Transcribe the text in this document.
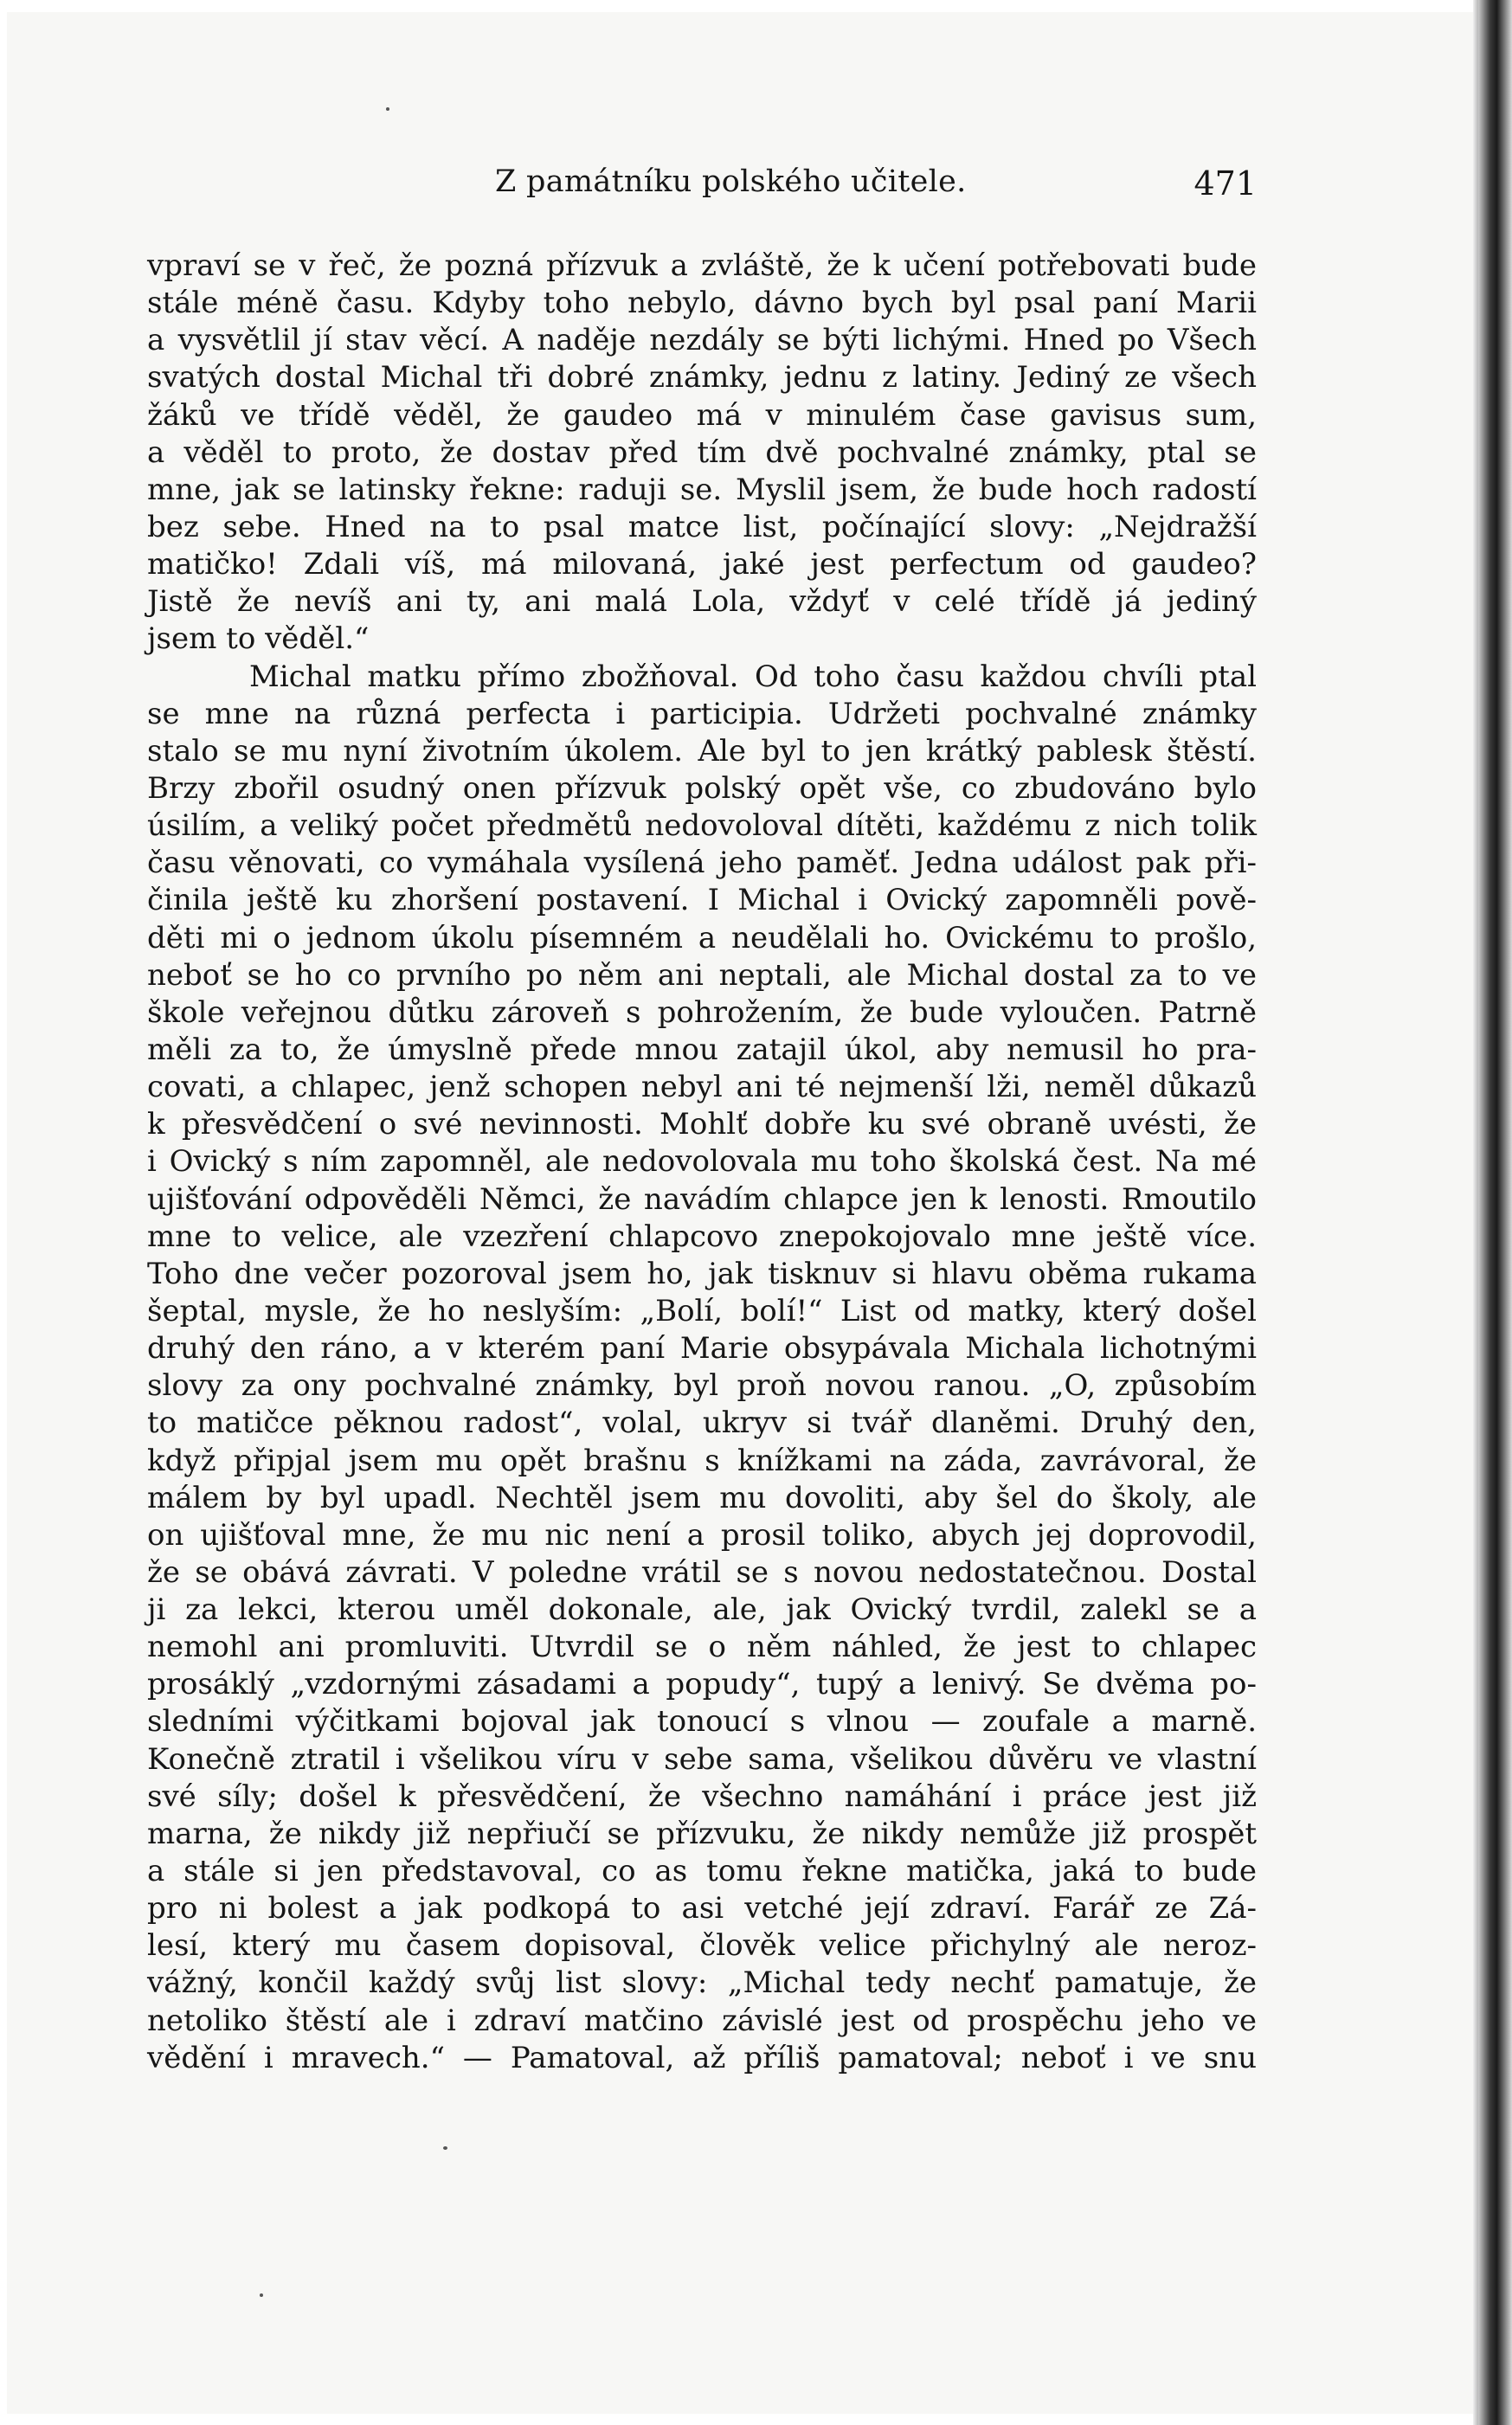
Z památníku polského učitele.	471
vpraví se v řeč, že pozná přízvuk a zvláště, že k učení potřebovati bude
stále méně času. Kdyby toho nebylo, dávno bych byl psal paní Marii
a vysvětlil jí stav věcí. A naděje nezdály se býti lichými. Hned po Všech
svatých dostal Michal tři dobré známky, jednu z latiny. Jediný ze všech
žáků ve třídě věděl, že gaudeo má v minulém čase gavisus sum,
a věděl to proto, že dostav před tím dvě pochvalné známky, ptal se
mne, jak se latinsky řekne: raduji se. Myslil jsem, že bude hoch radostí
bez sebe. Hned na to psal matce list, počínající slovy: „Nejdražší
matičko! Zdali víš, má milovaná, jaké jest perfectum od gaudeo?
Jistě že nevíš ani ty, ani malá Lola, vždyť v celé třídě já jediný
jsem to věděl.“
Michal matku přímo zbožňoval. Od toho času každou chvíli ptal
se mne na různá perfecta i participia. Udržeti pochvalné známky
stalo se mu nyní životním úkolem. Ale byl to jen krátký pablesk štěstí.
Brzy zbořil osudný onen přízvuk polský opět vše, co zbudováno bylo
úsilím, a veliký počet předmětů nedovoloval dítěti, každému z nich tolik
času věnovati, co vymáhala vysílená jeho paměť. Jedna událost pak při-
činila ještě ku zhoršení postavení. I Michal i Ovický zapomněli pově-
děti mi o jednom úkolu písemném a neudělali ho. Ovickému to prošlo,
neboť se ho co prvního po něm ani neptali, ale Michal dostal za to ve
škole veřejnou důtku zároveň s pohrožením, že bude vyloučen. Patrně
měli za to, že úmyslně přede mnou zatajil úkol, aby nemusil ho pra-
covati, a chlapec, jenž schopen nebyl ani té nejmenší lži, neměl důkazů
k přesvědčení o své nevinnosti. Mohlť dobře ku své obraně uvésti, že
i Ovický s ním zapomněl, ale nedovolovala mu toho školská čest. Na mé
ujišťování odpověděli Němci, že navádím chlapce jen k lenosti. Rmoutilo
mne to velice, ale vzezření chlapcovo znepokojovalo mne ještě více.
Toho dne večer pozoroval jsem ho, jak tisknuv si hlavu oběma rukama
šeptal, mysle, že ho neslyším: „Bolí, bolí!“ List od matky, který došel
druhý den ráno, a v kterém paní Marie obsypávala Michala lichotnými
slovy za ony pochvalné známky, byl proň novou ranou. „O, způsobím
to matičce pěknou radost“, volal, ukryv si tvář dlaněmi. Druhý den,
když připjal jsem mu opět brašnu s knížkami na záda, zavrávoral, že
málem by byl upadl. Nechtěl jsem mu dovoliti, aby šel do školy, ale
on ujišťoval mne, že mu nic není a prosil toliko, abych jej doprovodil,
že se obává závrati. V poledne vrátil se s novou nedostatečnou. Dostal
ji za lekci, kterou uměl dokonale, ale, jak Ovický tvrdil, zalekl se a
nemohl ani promluviti. Utvrdil se o něm náhled, že jest to chlapec
prosáklý „vzdornými zásadami a popudy“, tupý a lenivý. Se dvěma po-
sledními výčitkami bojoval jak tonoucí s vlnou — zoufale a marně.
Konečně ztratil i všelikou víru v sebe sama, všelikou důvěru ve vlastní
své síly; došel k přesvědčení, že všechno namáhání i práce jest již
marna, že nikdy již nepřiučí se přízvuku, že nikdy nemůže již prospět
a stále si jen představoval, co as tomu řekne matička, jaká to bude
pro ni bolest a jak podkopá to asi vetché její zdraví. Farář ze Zá-
lesí, který mu časem dopisoval, člověk velice přichylný ale neroz-
vážný, končil každý svůj list slovy: „Michal tedy nechť pamatuje, že
netoliko štěstí ale i zdraví matčino závislé jest od prospěchu jeho ve
vědění i mravech.“ — Pamatoval, až příliš pamatoval; neboť i ve snu
